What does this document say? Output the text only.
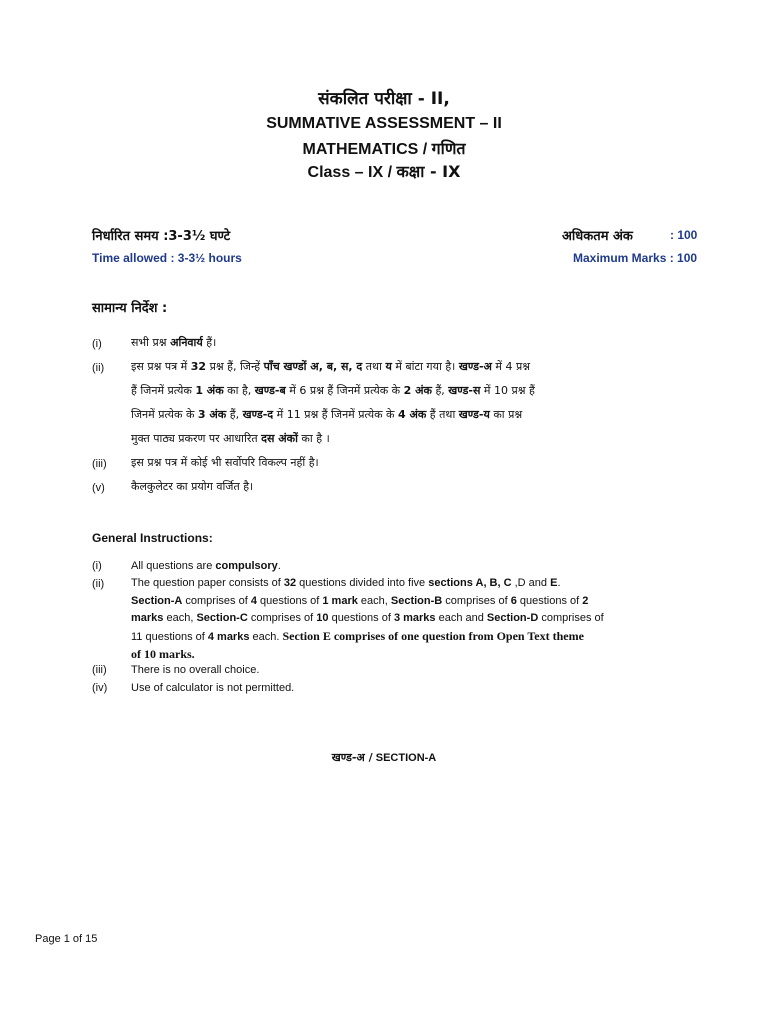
संकलित परीक्षा - II,
SUMMATIVE ASSESSMENT – II
MATHEMATICS / गणित
Class – IX / कक्षा - IX
निर्धारित समय :3-3½ घण्टे
Time allowed : 3-3½ hours
अधिकतम अंक	: 100
Maximum Marks : 100
सामान्य निर्देश :
(i)	सभी प्रश्न अनिवार्य हैं।
(ii) इस प्रश्न पत्र में 32 प्रश्न हैं, जिन्हें पाँच खण्डों अ, ब, स, द तथा य में बांटा गया है। खण्ड-अ में 4 प्रश्न
हैं जिनमें प्रत्येक 1 अंक का है, खण्ड-ब में 6 प्रश्न हैं जिनमें प्रत्येक के 2 अंक हैं, खण्ड-स में 10 प्रश्न हैं
जिनमें प्रत्येक के 3 अंक हैं, खण्ड-द में 11 प्रश्न हैं जिनमें प्रत्येक के 4 अंक हैं तथा खण्ड-य का प्रश्न
मुक्त पाठ्य प्रकरण पर आधारित दस अंकों का है ।
(iii) इस प्रश्न पत्र में कोई भी सर्वोपरि विकल्प नहीं है।
(v) कैलकुलेटर का प्रयोग वर्जित है।
General Instructions:
(i)	All questions are compulsory.
(ii) The question paper consists of 32 questions divided into five sections A, B, C ,D and E.
Section-A comprises of 4 questions of 1 mark each, Section-B comprises of 6 questions of 2
marks each, Section-C comprises of 10 questions of 3 marks each and Section-D comprises of
11 questions of 4 marks each. Section E comprises of one question from Open Text theme
of 10 marks.
(iii) There is no overall choice.
(iv) Use of calculator is not permitted.
खण्ड-अ / SECTION-A
Page 1 of 15
